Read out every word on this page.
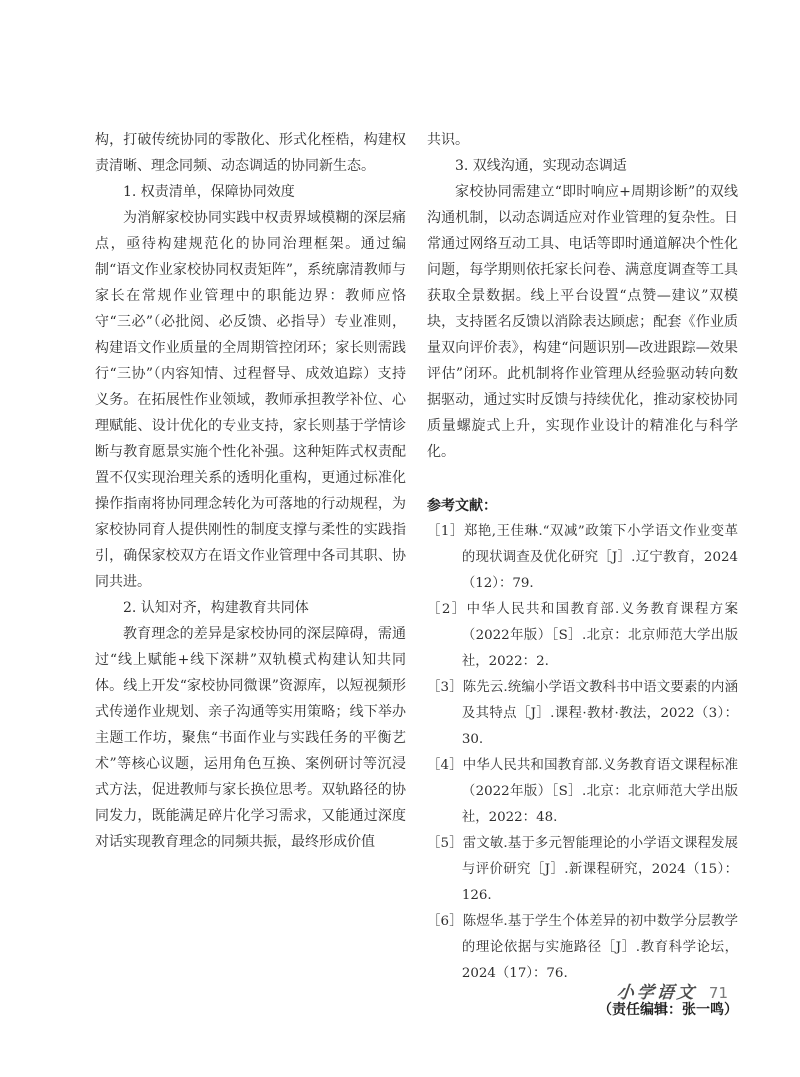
构，打破传统协同的零散化、形式化桎梏，构建权责清晰、理念同频、动态调适的协同新生态。

1. 权责清单，保障协同效度

为消解家校协同实践中权责界域模糊的深层痛点，亟待构建规范化的协同治理框架。通过编制“语文作业家校协同权责矩阵”，系统廓清教师与家长在常规作业管理中的职能边界：教师应恪守“三必”（必批阅、必反馈、必指导）专业准则，构建语文作业质量的全周期管控闭环；家长则需践行“三协”（内容知情、过程督导、成效追踪）支持义务。在拓展性作业领域，教师承担教学补位、心理赋能、设计优化的专业支持，家长则基于学情诊断与教育愿景实施个性化补强。这种矩阵式权责配置不仅实现治理关系的透明化重构，更通过标准化操作指南将协同理念转化为可落地的行动规程，为家校协同育人提供刚性的制度支撑与柔性的实践指引，确保家校双方在语文作业管理中各司其职、协同共进。

2. 认知对齐，构建教育共同体

教育理念的差异是家校协同的深层障碍，需通过“线上赋能+线下深耕”双轨模式构建认知共同体。线上开发“家校协同微课”资源库，以短视频形式传递作业规划、亲子沟通等实用策略；线下举办主题工作坊，聚焦“书面作业与实践任务的平衡艺术”等核心议题，运用角色互换、案例研讨等沉浸式方法，促进教师与家长换位思考。双轨路径的协同发力，既能满足碎片化学习需求，又能通过深度对话实现教育理念的同频共振，最终形成价值

共识。

3. 双线沟通，实现动态调适

家校协同需建立“即时响应+周期诊断”的双线沟通机制，以动态调适应对作业管理的复杂性。日常通过网络互动工具、电话等即时通道解决个性化问题，每学期则依托家长问卷、满意度调查等工具获取全景数据。线上平台设置“点赞—建议”双模块，支持匿名反馈以消除表达顾虑；配套《作业质量双向评价表》，构建“问题识别—改进跟踪—效果评估”闭环。此机制将作业管理从经验驱动转向数据驱动，通过实时反馈与持续优化，推动家校协同质量螺旋式上升，实现作业设计的精准化与科学化。

参考文献：

［1］郑艳,王佳琳.“双减”政策下小学语文作业变革的现状调查及优化研究［J］.辽宁教育，2024（12）：79.

［2］中华人民共和国教育部.义务教育课程方案（2022年版）［S］.北京：北京师范大学出版社，2022：2.

［3］陈先云.统编小学语文教科书中语文要素的内涵及其特点［J］.课程·教材·教法，2022（3）：30.

［4］中华人民共和国教育部.义务教育语文课程标准（2022年版）［S］.北京：北京师范大学出版社，2022：48.

［5］雷文敏.基于多元智能理论的小学语文课程发展与评价研究［J］.新课程研究，2024（15）：126.

［6］陈煜华.基于学生个体差异的初中数学分层教学的理论依据与实施路径［J］.教育科学论坛，2024（17）：76.

（责任编辑：张一鸣）

小学语文 71
